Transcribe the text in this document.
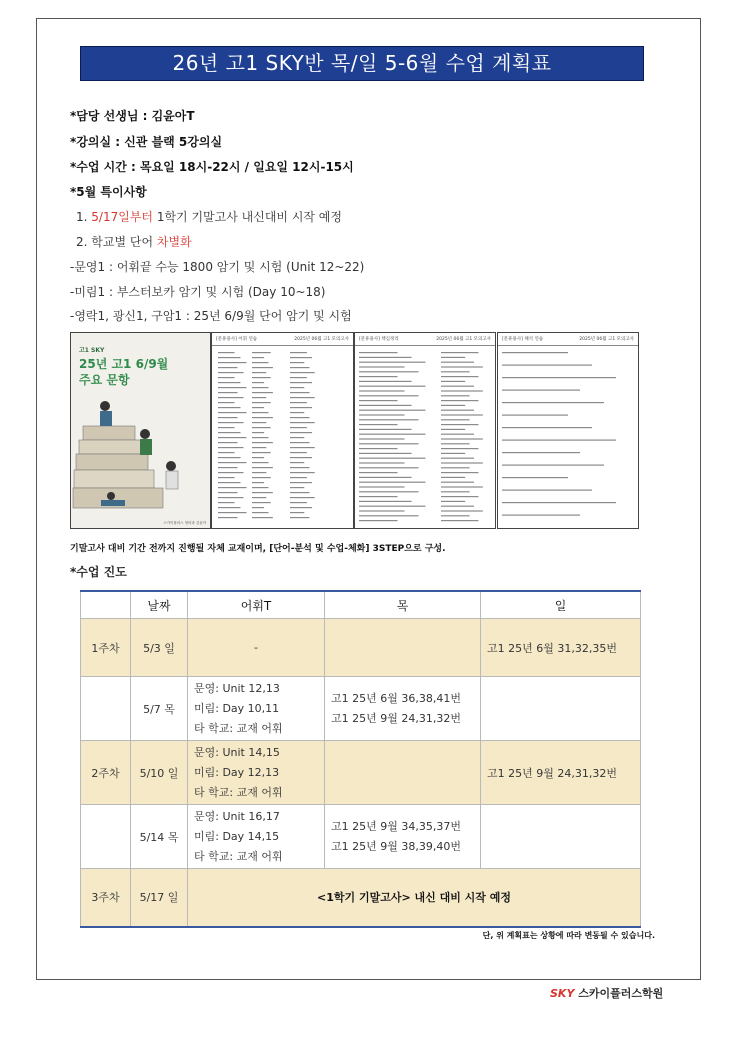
26년 고1 SKY반 목/일 5-6월 수업 계획표
*담당 선생님 : 김윤아T
*강의실 : 신관 블랙 5강의실
*수업 시간 : 목요일 18시-22시 / 일요일 12시-15시
*5월 특이사항
1. 5/17일부터 1학기 기말고사 내신대비 시작 예정
2. 학교별 단어 차별화
-문영1 : 어휘끝 수능 1800 암기 및 시험 (Unit 12~22)
-미림1 : 부스터보카 암기 및 시험 (Day 10~18)
-영락1, 광신1, 구암1 : 25년 6/9월 단어 암기 및 시험
고1 SKY
25년 고1 6/9월
주요 문항
스카이플러스 영어과 김윤아
[문휴용사] 어휘 연습	2025년 06월 고1 모의고사 [문휴용사] 핵심정리	2025년 06월 고1 모의고사 [문휴용사] 해석 연습	2025년 06월 고1 모의고사
기말고사 대비 기간 전까지 진행될 자체 교재이며, [단어-분석 및 수업-체화] 3STEP으로 구성.
*수업 진도
	날짜	어휘T	목	일
1주차	5/3 일	-		고1 25년 6월 31,32,35번
	5/7 목	문영: Unit 12,13
미림: Day 10,11
타 학교: 교재 어휘	고1 25년 6월 36,38,41번
고1 25년 9월 24,31,32번	

2주차	5/10 일	문영: Unit 14,15
미림: Day 12,13
타 학교: 교재 어휘		고1 25년 9월 24,31,32번
	5/14 목	문영: Unit 16,17
미림: Day 14,15
타 학교: 교재 어휘	고1 25년 9월 34,35,37번
고1 25년 9월 38,39,40번	

3주차	5/17 일	<1학기 기말고사> 내신 대비 시작 예정		
단, 위 계획표는 상황에 따라 변동될 수 있습니다.
SKY 스카이플러스학원
